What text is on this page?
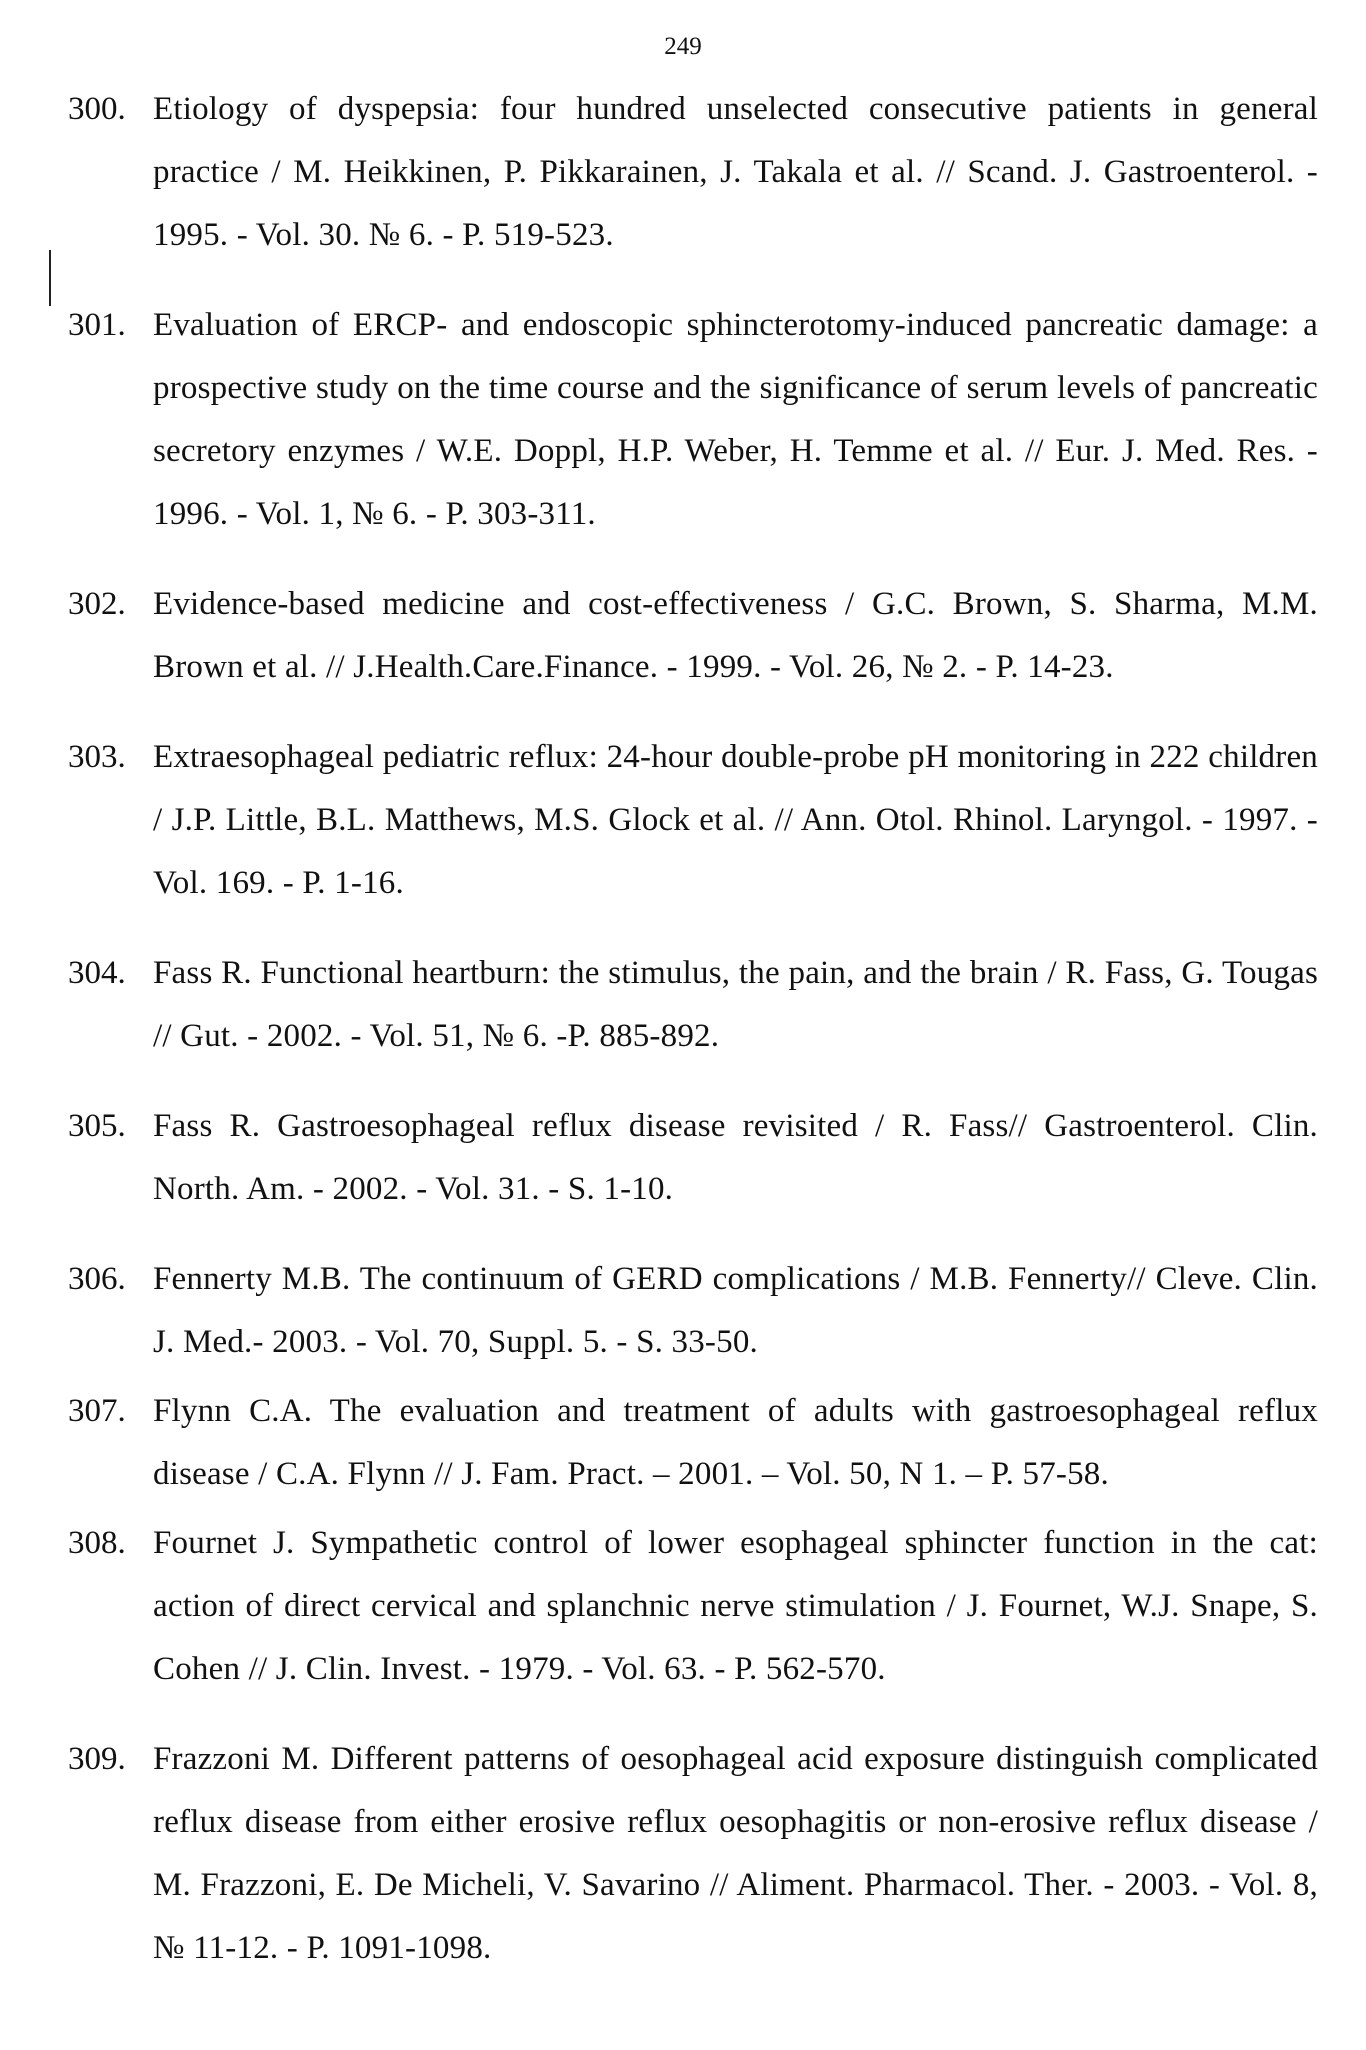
249
300. Etiology of dyspepsia: four hundred unselected consecutive patients in general practice / M. Heikkinen, P. Pikkarainen, J. Takala et al. // Scand. J. Gastroenterol. - 1995. - Vol. 30. № 6. - P. 519-523.
301. Evaluation of ERCP- and endoscopic sphincterotomy-induced pancreatic damage: a prospective study on the time course and the significance of serum levels of pancreatic secretory enzymes / W.E. Doppl, H.P. Weber, H. Temme et al. // Eur. J. Med. Res. - 1996. - Vol. 1, № 6. - P. 303-311.
302. Evidence-based medicine and cost-effectiveness / G.C. Brown, S. Sharma, M.M. Brown et al. // J.Health.Care.Finance. - 1999. - Vol. 26, № 2. - P. 14-23.
303. Extraesophageal pediatric reflux: 24-hour double-probe pH monitoring in 222 children / J.P. Little, B.L. Matthews, M.S. Glock et al. // Ann. Otol. Rhinol. Laryngol. - 1997. - Vol. 169. - P. 1-16.
304. Fass R. Functional heartburn: the stimulus, the pain, and the brain / R. Fass, G. Tougas // Gut. - 2002. - Vol. 51, № 6. -P. 885-892.
305. Fass R. Gastroesophageal reflux disease revisited / R. Fass// Gastroenterol. Clin. North. Am. - 2002. - Vol. 31. - S. 1-10.
306. Fennerty M.B. The continuum of GERD complications / M.B. Fennerty// Cleve. Clin. J. Med.- 2003. - Vol. 70, Suppl. 5. - S. 33-50.
307. Flynn C.A. The evaluation and treatment of adults with gastroesophageal reflux disease / C.A. Flynn // J. Fam. Pract. – 2001. – Vol. 50, N 1. – P. 57-58.
308. Fournet J. Sympathetic control of lower esophageal sphincter function in the cat: action of direct cervical and splanchnic nerve stimulation / J. Fournet, W.J. Snape, S. Cohen // J. Clin. Invest. - 1979. - Vol. 63. - P. 562-570.
309. Frazzoni M. Different patterns of oesophageal acid exposure distinguish complicated reflux disease from either erosive reflux oesophagitis or non-erosive reflux disease / M. Frazzoni, E. De Micheli, V. Savarino // Aliment. Pharmacol. Ther. - 2003. - Vol. 8, № 11-12. - P. 1091-1098.
